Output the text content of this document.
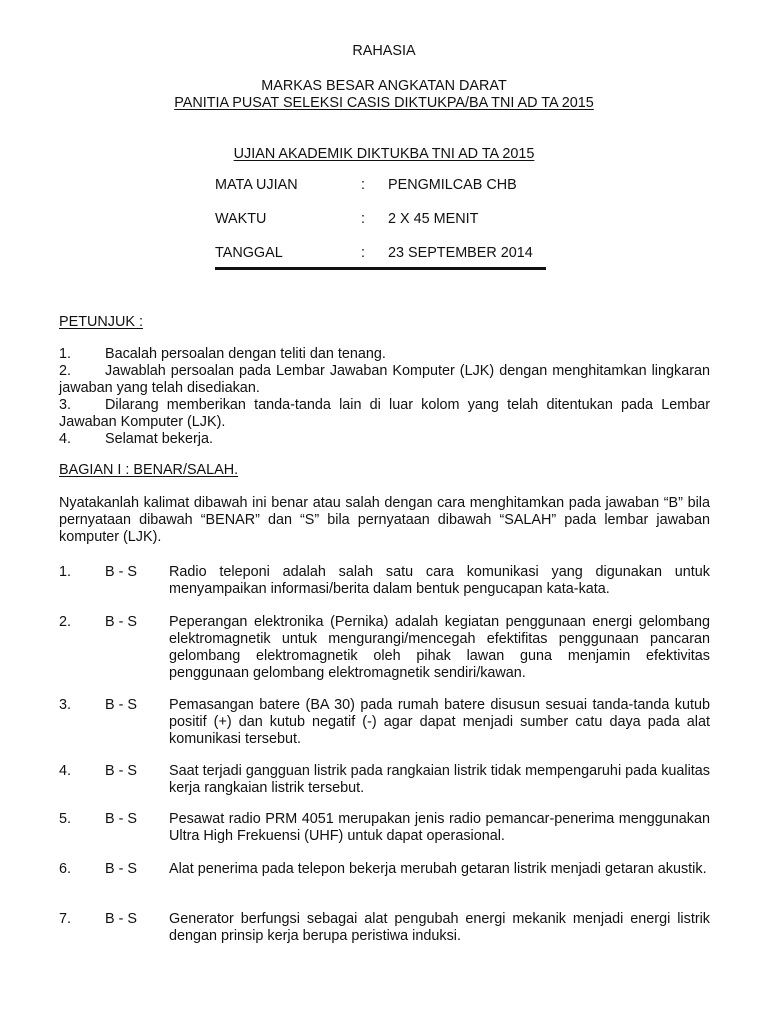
RAHASIA
MARKAS BESAR ANGKATAN DARAT
PANITIA PUSAT SELEKSI CASIS DIKTUKPA/BA TNI AD TA 2015
UJIAN AKADEMIK DIKTUKBA TNI AD TA 2015
MATA UJIAN	: PENGMILCAB CHB
WAKTU	: 2 X 45 MENIT
TANGGAL	: 23 SEPTEMBER 2014
PETUNJUK :
1. Bacalah persoalan dengan teliti dan tenang.
2. Jawablah persoalan pada Lembar Jawaban Komputer (LJK) dengan menghitamkan lingkaran jawaban yang telah disediakan.
3. Dilarang memberikan tanda-tanda lain di luar kolom yang telah ditentukan pada Lembar Jawaban Komputer (LJK).
4. Selamat bekerja.
BAGIAN I : BENAR/SALAH.

Nyatakanlah kalimat dibawah ini benar atau salah dengan cara menghitamkan pada jawaban “B” bila pernyataan dibawah “BENAR” dan “S” bila pernyataan dibawah “SALAH” pada lembar jawaban komputer (LJK).

1. B - S Radio teleponi adalah salah satu cara komunikasi yang digunakan untuk menyampaikan informasi/berita dalam bentuk pengucapan kata-kata.
2. B - S Peperangan elektronika (Pernika) adalah kegiatan penggunaan energi gelombang elektromagnetik untuk mengurangi/mencegah efektifitas penggunaan pancaran gelombang elektromagnetik oleh pihak lawan guna menjamin efektivitas penggunaan gelombang elektromagnetik sendiri/kawan.
3. B - S Pemasangan batere (BA 30) pada rumah batere disusun sesuai tanda-tanda kutub positif (+) dan kutub negatif (-) agar dapat menjadi sumber catu daya pada alat komunikasi tersebut.
4. B - S Saat terjadi gangguan listrik pada rangkaian listrik tidak mempengaruhi pada kualitas kerja rangkaian listrik tersebut.
5. B - S Pesawat radio PRM 4051 merupakan jenis radio pemancar-penerima menggunakan Ultra High Frekuensi (UHF) untuk dapat operasional.
6. B - S Alat penerima pada telepon bekerja merubah getaran listrik menjadi getaran akustik.
7. B - S Generator berfungsi sebagai alat pengubah energi mekanik menjadi energi listrik dengan prinsip kerja berupa peristiwa induksi.
